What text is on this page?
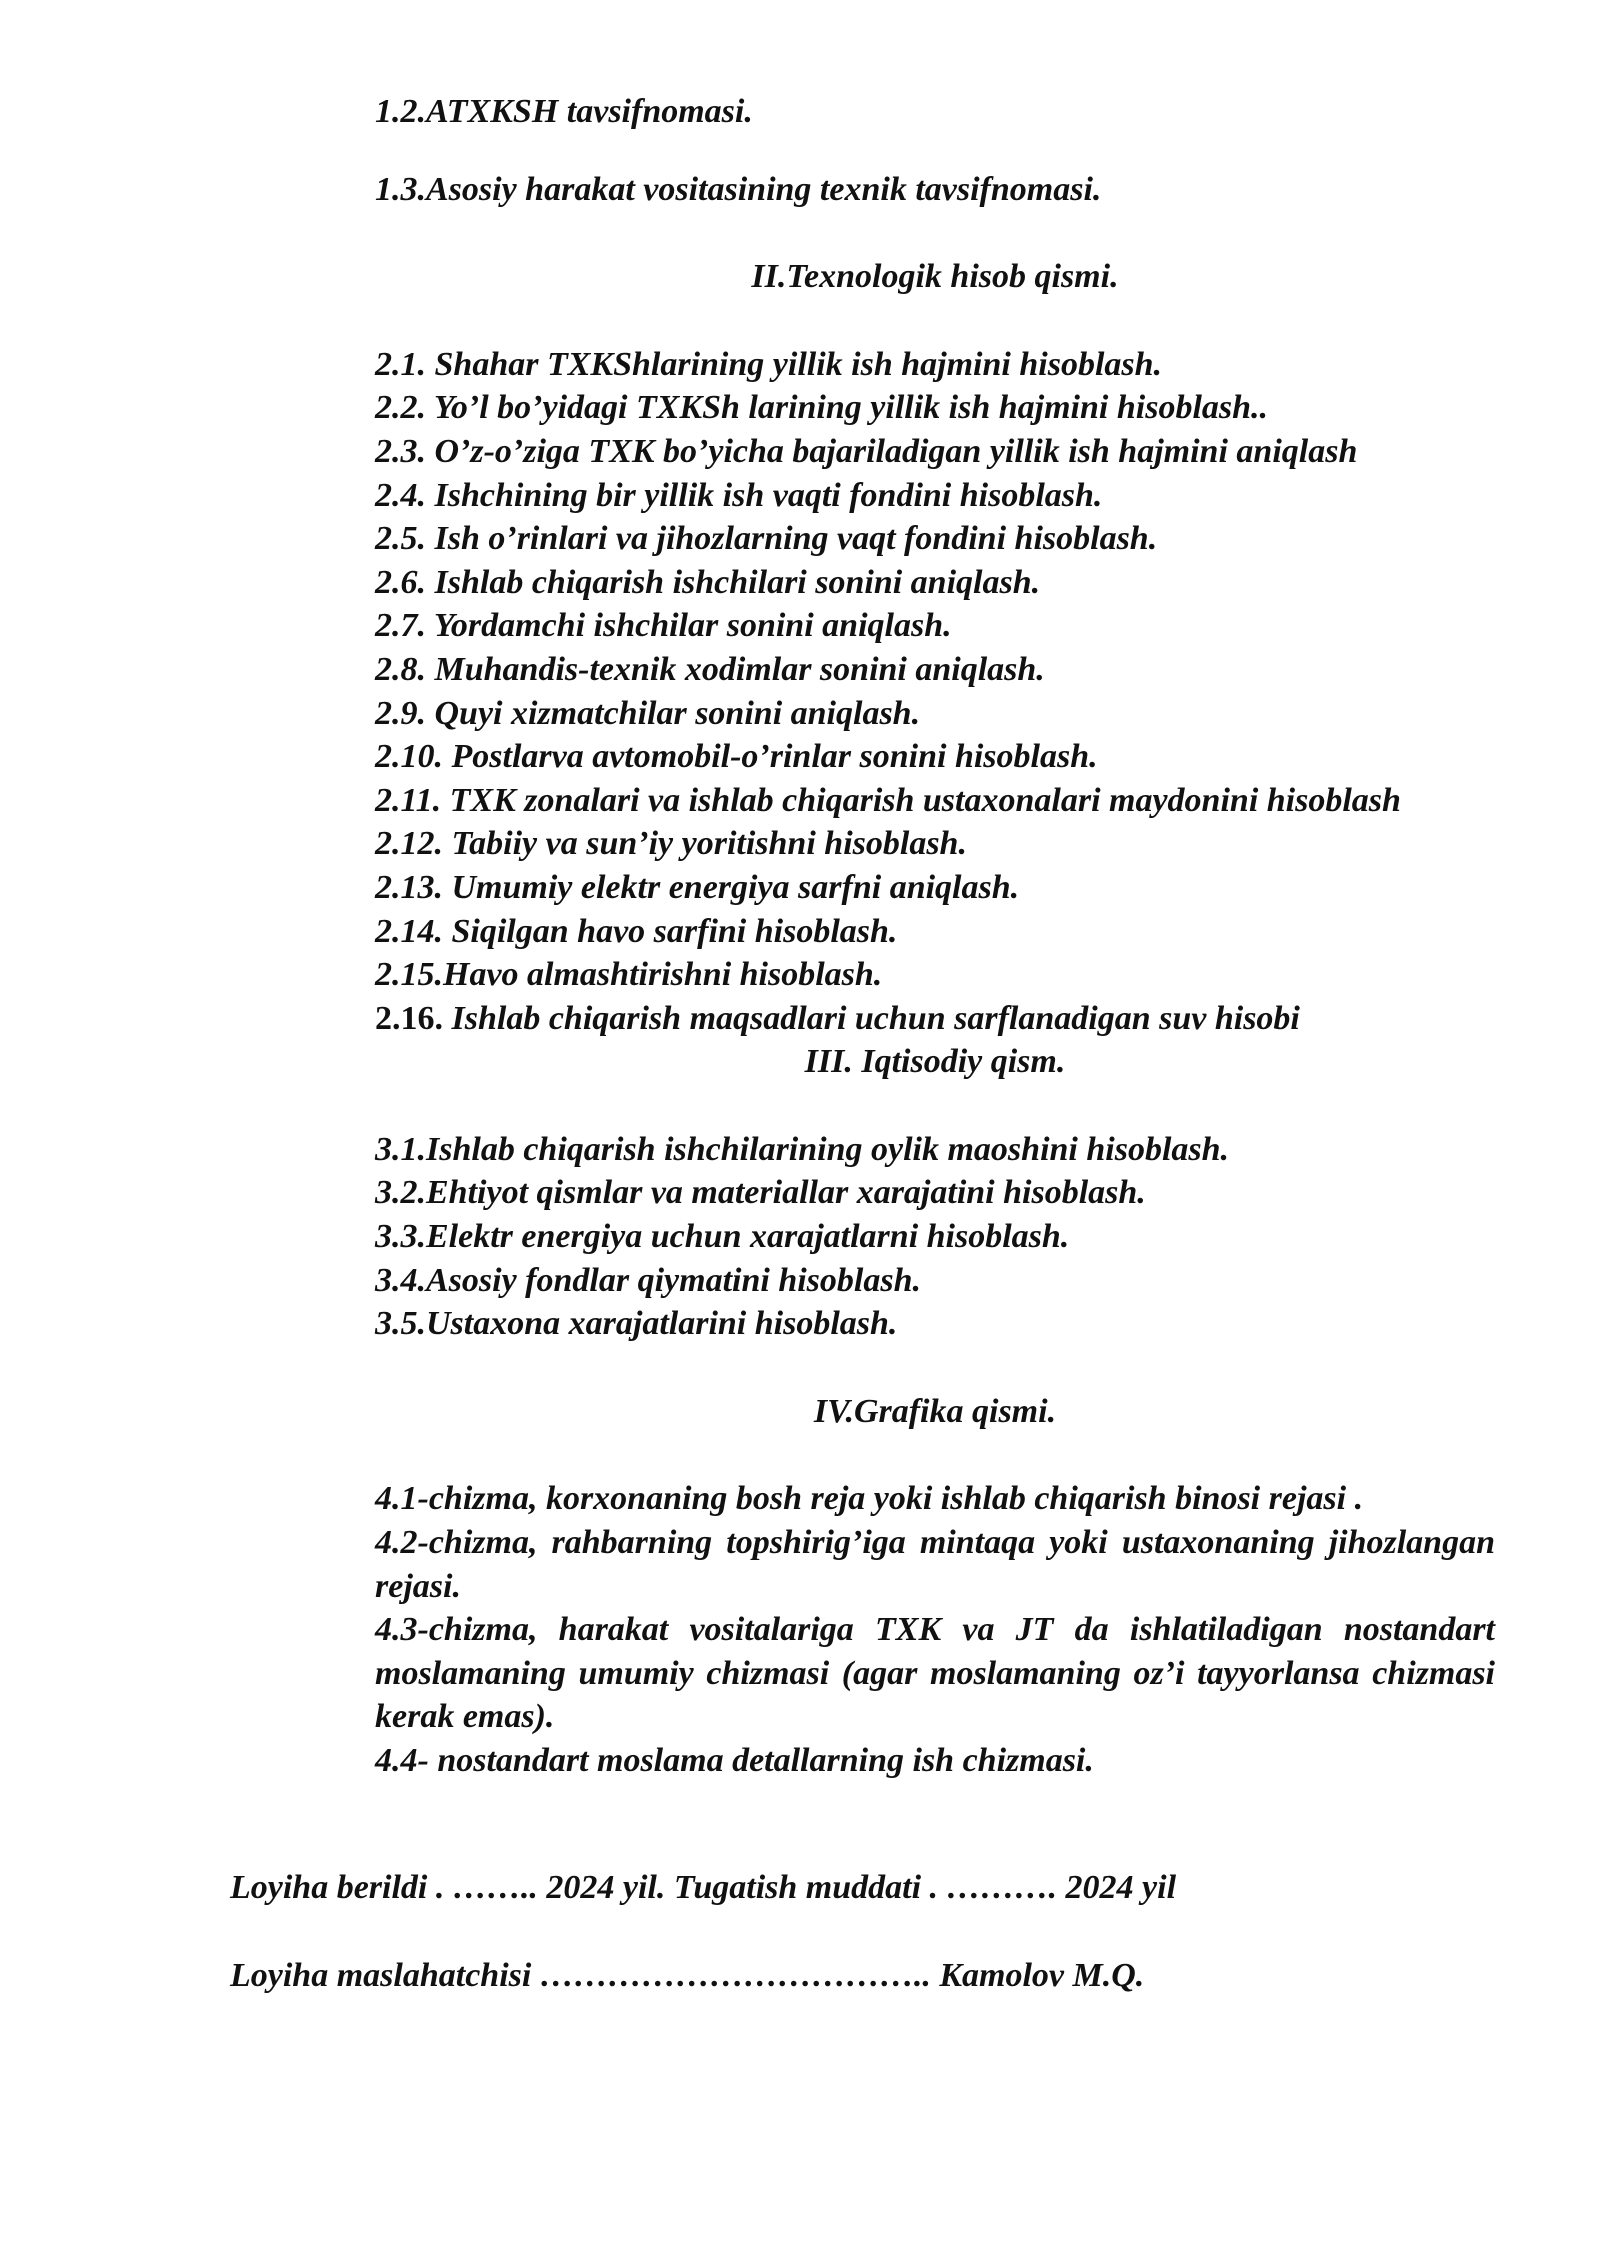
1.2.ATXKSH tavsifnomasi.

1.3.Asosiy harakat vositasining texnik tavsifnomasi.

II.Texnologik hisob qismi.

2.1. Shahar TXKShlarining yillik ish hajmini hisoblash.

2.2. Yo’l bo’yidagi TXKSh larining yillik ish hajmini hisoblash..

2.3. O’z-o’ziga TXK bo’yicha bajariladigan yillik ish hajmini aniqlash

2.4. Ishchining bir yillik ish vaqti fondini hisoblash.

2.5. Ish o’rinlari va jihozlarning vaqt fondini hisoblash.

2.6. Ishlab chiqarish ishchilari sonini aniqlash.

2.7. Yordamchi ishchilar sonini aniqlash.

2.8. Muhandis-texnik xodimlar sonini aniqlash.

2.9. Quyi xizmatchilar sonini aniqlash.

2.10. Postlarva avtomobil-o’rinlar sonini hisoblash.

2.11. TXK zonalari va ishlab chiqarish ustaxonalari maydonini hisoblash

2.12. Tabiiy va sun’iy yoritishni hisoblash.

2.13. Umumiy elektr energiya sarfni aniqlash.

2.14. Siqilgan havo sarfini hisoblash.

2.15.Havo almashtirishni hisoblash.

2.16. Ishlab chiqarish maqsadlari uchun sarflanadigan suv hisobi

III. Iqtisodiy qism.

3.1.Ishlab chiqarish ishchilarining oylik maoshini hisoblash.

3.2.Ehtiyot qismlar va materiallar xarajatini hisoblash.

3.3.Elektr energiya uchun xarajatlarni hisoblash.

3.4.Asosiy fondlar qiymatini hisoblash.

3.5.Ustaxona xarajatlarini hisoblash.

IV.Grafika qismi.

4.1-chizma, korxonaning bosh reja yoki ishlab chiqarish binosi rejasi .

4.2-chizma, rahbarning topshirig’iga mintaqa yoki ustaxonaning jihozlangan rejasi.

4.3-chizma, harakat vositalariga TXK va JT da ishlatiladigan nostandart moslamaning umumiy chizmasi (agar moslamaning oz’i tayyorlansa chizmasi kerak emas).

4.4- nostandart moslama detallarning ish chizmasi.

Loyiha berildi . …….. 2024 yil. Tugatish muddati . ………. 2024 yil

Loyiha maslahatchisi …………………………….. Kamolov M.Q.
